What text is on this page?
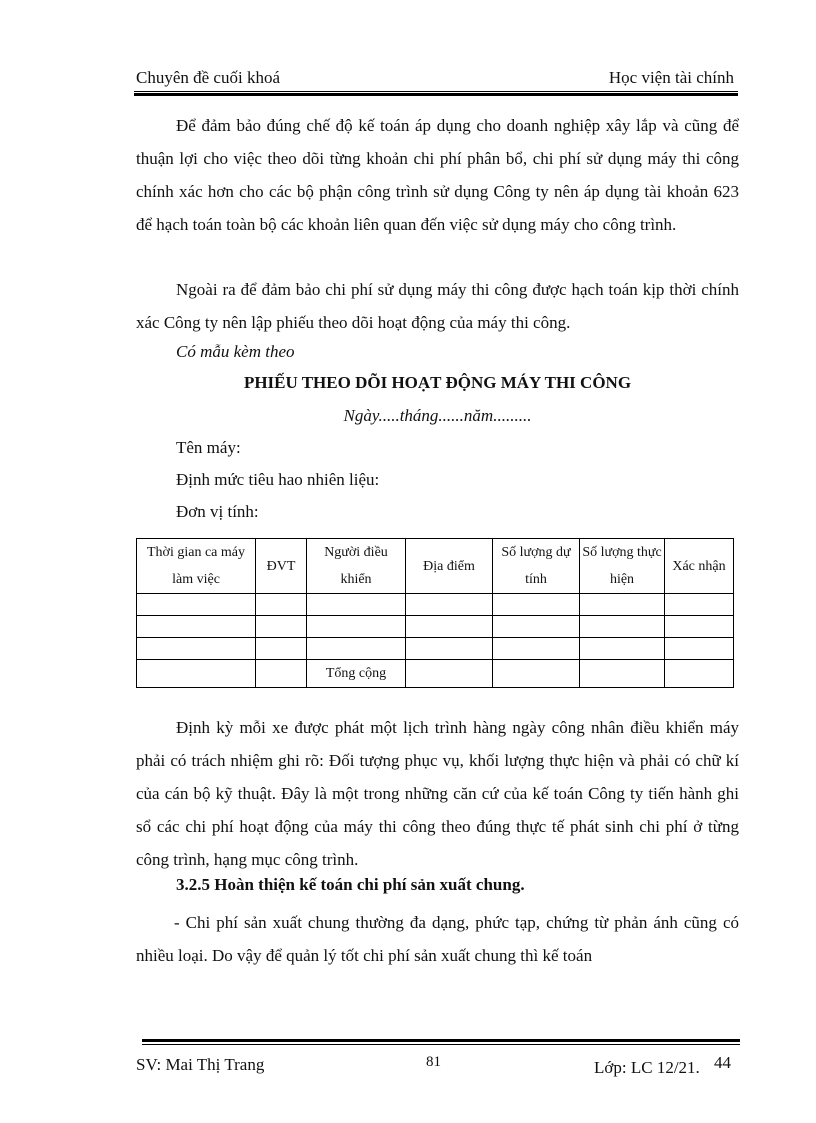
Chuyên đề cuối khoá	Học viện tài chính
Để đảm bảo đúng chế độ kế toán áp dụng cho doanh nghiệp xây lắp và cũng để thuận lợi cho việc theo dõi từng khoản chi phí phân bổ, chi phí sử dụng máy thi công chính xác hơn cho các bộ phận công trình sử dụng Công ty nên áp dụng tài khoản 623 để hạch toán toàn bộ các khoản liên quan đến việc sử dụng máy cho công trình.
Ngoài ra để đảm bảo chi phí sử dụng máy thi công được hạch toán kịp thời chính xác Công ty nên lập phiếu theo dõi hoạt động của máy thi công.
Có mẫu kèm theo
PHIẾU THEO DÕI HOẠT ĐỘNG MÁY THI CÔNG
Ngày.....tháng......năm.........
Tên máy:
Định mức tiêu hao nhiên liệu:
Đơn vị tính:
Thời gian ca máy làm việc	ĐVT	Người điều khiển	Địa điểm	Số lượng dự tính	Số lượng thực hiện	Xác nhận

		Tổng cộng				
Định kỳ mỗi xe được phát một lịch trình hàng ngày công nhân điều khiển máy phải có trách nhiệm ghi rõ: Đối tượng phục vụ, khối lượng thực hiện và phải có chữ kí của cán bộ kỹ thuật. Đây là một trong những căn cứ của kế toán Công ty tiến hành ghi sổ các chi phí hoạt động của máy thi công theo đúng thực tế phát sinh chi phí ở từng công trình, hạng mục công trình.
3.2.5 Hoàn thiện kế toán chi phí sản xuất chung.
- Chi phí sản xuất chung thường đa dạng, phức tạp, chứng từ phản ánh cũng có nhiều loại. Do vậy để quản lý tốt chi phí sản xuất chung thì kế toán
SV: Mai Thị Trang	81	Lớp: LC 12/21. 44
